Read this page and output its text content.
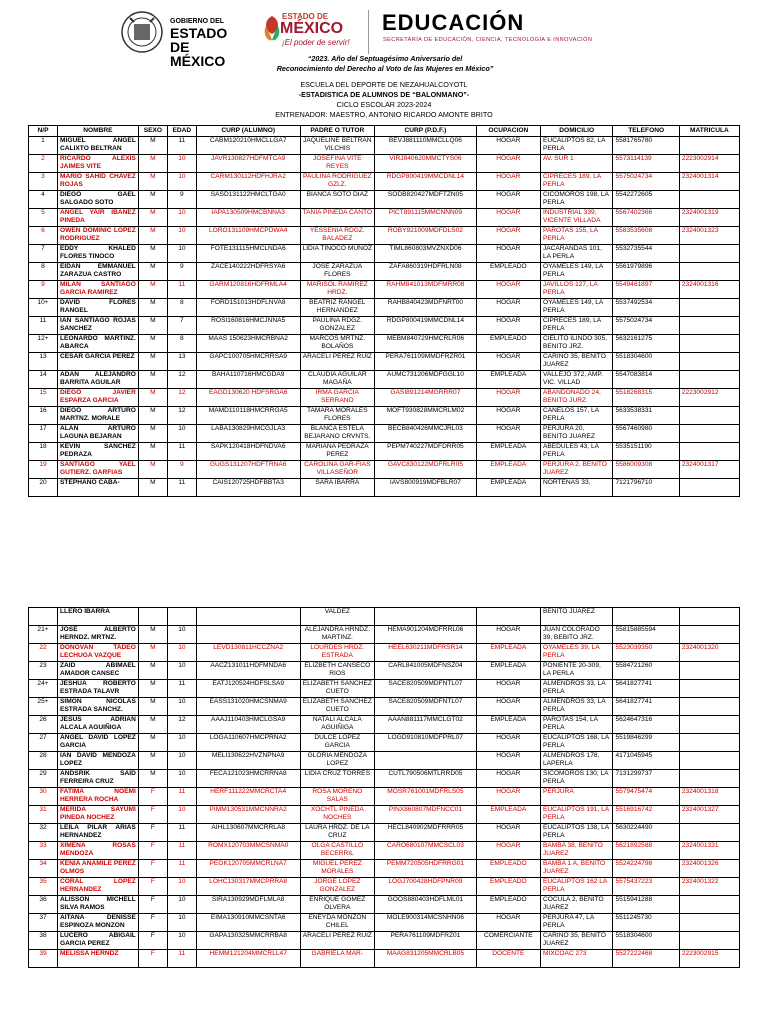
GOBIERNO DEL
ESTADO DE
MÉXICO
ESTADO DE
MÉXICO
¡El poder de servir!
EDUCACIÓN
SECRETARÍA DE EDUCACIÓN, CIENCIA, TECNOLOGÍA E INNOVACIÓN
“2023. Año del Septuagésimo Aniversario del
Reconocimiento del Derecho al Voto de las Mujeres en México”
ESCUELA DEL DEPORTE DE NEZAHUALCOYOTL
-ESTADISTICA DE ALUMNOS DE “BALONMANO”-
CICLO ESCOLAR 2023-2024
ENTRENADOR: MAESTRO, ANTONIO RICARDO AMONTE BRITO
N/P	NOMBRE	SEXO	EDAD	CURP (ALUMNO)	PADRE O TUTOR	CURP (P.D.F.)	OCUPACION	DOMICILIO	TELEFONO	MATRICULA
1	MIGUEL ANGEL CALIXTO BELTRAN	M	11	CABM120210HMCLLGA7	JAQUELINE BELTRAN VILCHIS	BEVJ881110MMCLLQ06	HOGAR	EUCALIPTOS 82, LA PERLA	5581765780	
2	RICARDO ALEXIS JAIMES VITE	M	10	JAVR130827HDFMTCA9	JOSEFINA VITE REYES	VIRJ840620MMCTYS06	HOGAR	AV. SUR 1	5573114139	2223002914
3	MARIO SAHID CHAVEZ ROJAS	M	10	CARM130112HDFHJRA2	PAULINA RODRIGUEZ GZLZ.	RDGP800419MMCDNL14	HOGAR	CIPRECES 189, LA PERLA	5575024734	2324001314
4	DIEGO GAEL SALGADO SOTO	M	9	SASD131122HMCLTGA0	BIANCA SOTO DIAZ	SODB820427MDFTZN05	HOGAR	CICOMOROS 198, LA PERLA	5542272605	
5	ANGEL YAIR IBAÑEZ PINEDA	M	10	IAPA130509HMCBNNA3	TANIA PINEDA CANTO	PICT891115MMCNNN09	HOGAR	INDUSTRIAL 339, VICENTE VILLADA	5567402366	2324001319
6	OWEN DOMINIC LOPEZ RODRIGUEZ	M	10	LORO131109HMCPDWA4	YESSENIA RDGZ. BALADEZ	ROBY921009MDFDLS02	HOGAR	PAROTAS 155, LA PERLA	5583535608	2324001323
7	EDDY KHALED FLORES TINOCO	M	10	FOTE131115HMCLNDA6	LIDIA TINOCO MUÑOZ	TIML860803MVZNXD06	HOGAR	JACARANDAS 101, LA PERLA	5532735544	
8	EIDAN EMMANUEL ZARAZUA CASTRO	M	9	ZACE140222HDFRSYA6	JOSE ZARAZUA FLORES	ZAFA860319HDFRLN08	EMPLEADO	OYAMELES 149, LA PERLA	5561979896	
9	MILAN SANTIAGO GARCIA RAMIREZ	M	11	GARM120816HDFRMLA4	MARISOL RAMIREZ HRDZ.	RAHM841013MDFMRR08	HOGAR	JAVILLOS 127, LA PERLA	5549461897	2324001316
10+	DAVID FLORES RANGEL	M	8	FORD151013HDFLNVA8	BEATRIZ RANGEL HERNANDEZ	RAHB840423MDFNRT00	HOGAR	OYAMELES 149, LA PERLA	5537492534	
11	IAN SANTIAGO ROJAS SANCHEZ	M	7	ROSI160816HMCJNNA5	PAULINA RDGZ. GONZALEZ	RDGP800419MMCDNL14	HOGAR	CIPRECES 189, LA PERLA	5575024734	
12+	LEONARDO MARTINZ. ABARCA	M	8	MAAS 150623HMCRBNA2	MARCOS MRTNZ. BOLAÑOS	MEBM840729HMCRLR06	EMPLEADO	CIELITO ILINDO 305, BENITO JRZ.	5632161275	
13	CESAR GARCIA PEREZ	M	13	GAPC100705HMCRRSA9	ARACELI PEREZ RUIZ	PERA761109MMDFRZR01	HOGAR	CARIÑO 35, BENITO JUAREZ	5518304600	
14	ADAN ALEJANDRO BARRITA AGUILAR	M	12	BAHA110716HMCGDA9	CLAUDIA AGUILAR MAGAÑA	AUMC731206MDFGGL10	EMPLEADA	VALLEJO 372, AMP. VIC. VILLAD	5547083814	
15	DIEGO JAVIER ESPARZA GARCIA	M	12	EAGD130620 HDFSRGA6	IRMA GARCIA SERRANO	GASI891214MGRRR07	HOGAR	ABANDONADO 24, BENITO JURZ.	5518268315	2223002912
16	DIEGO ARTURO MARTNZ. MORALE	M	12	MAMD110118HMCRRGA5	TAMARA MORALES FLORES	MOFT930828MMCRLM02	HOGAR	CANELOS 157, LA PERLA	5633538331	
17	ALAN ARTURO LAGUNA BEJARAN	M	10	LABA130829HMCGJLA3	BLANCA ESTELA BEJARANO CRVNTS.	BECB840426MMCJRL03	HOGAR	PERJURA 20, BENITO JUAREZ	5567460980	
18	KEVIN SANCHEZ PEDRAZA	M	11	SAPK120418HDFNDVA6	MARIANA PEDRAZA PEREZ	PEPM740227MDFDRR05	EMPLEADA	ABEDULES 43, LA PERLA	5535151190	
19	SANTIAGO YAEL GUTIERZ. GARFIAS	M	9	GUGS131207HDFTRNA6	CAROLINA GAR-FIAS VILLASEÑOR	GAVC830122MDFRLR05	EMPLEADA	PERJURA 2, BENITO JUAREZ	5586009308	2324001317
20	STEPHANO CABA-	M	11	CAIS120725HDFBBTA3	SARA IBARRA	IAVS800919MDFBLR07	EMPLEADA	NORTEÑAS 33,	7121796710	
	LLERO IBARRA				VALDEZ			BENITO JUAREZ		
21+	JOSE ALBERTO HERNDZ. MRTNZ.	M	10		ALEJANDRA HRNDZ. MARTINZ.	HEMA901204MDFRRL06	HOGAR	JUAN COLORADO 39, BEBITO JRZ.	55815885594	
22	DONOVAN TADEO LECHUGA VAZQUE	M	10	LEVD130811HCCZNA2	LOURDES HRDZ. ESTRADA	HEEL630211MDFRSR14	EMPLEADA	OYAMELES 39, LA PERLA	5523039350	2324001320
23	ZAID ABIMAEL AMADOR CANSEC	M	10	AACZ131011HDFMNDA6	ELIZBETH CANSECO RIOS	CARL841005MDFNSZ04	EMPLEADA	PONIENTE 20-309, LA PERLA	5584721260	
24+	JESHUA ROBERTO ESTRADA TALAVR	M	11	EATJ120524HDFSLSA9	ELIZABETH SANCHEZ CUETO	SACE820509MDFNTL07	HOGAR	ALMENDROS 33, LA PERLA	5641827741	
25+	SIMON NICOLAS ESTRADA SANCHZ.	M	10	EASS131020HMCSNMA9	ELIZABETH SANCHEZ CUETO	SACE820509MDFNTL07	HOGAR	ALMENDROS 33, LA PERLA	5641827741	
26	JESUS ADRIAN ALCALA AGUIÑIGA	M	12	AAAJ110403HMCLGSA9	NATALI ALCALA AGUIÑIGA	AAAN881117MMCLGT02	EMPLEADA	PAROTAS 154, LA PERLA	5624647316	
27	ANGEL DAVID LOPEZ GARCIA	M	10	LOGA110607HMCPRNA2	DULCE LOPEZ GARCIA	LOGD910810MDFPRL07	HOGAR	EUCALIPTOS 168, LA PERLA	5519846299	
28	IAN DAVID MENDOZA LOPEZ	M	10	MELI130622HVZNPNA9	GLORIA MENDOZA LOPEZ		HOGAR	ALMENDROS 178, LAPERLA	4171045945	
29	ANDSRIK SAID FERREIRA CRUZ	M	10	FECA121023HMCRRNA8	LIDIA CRUZ TORRES	CUTL790506MTLRRD05	HOGAR	SICOMOROS 130, LA PERLA	7131299737	
30	FATIMA NOEMI HERRERA ROCHA	F	11	HERF111222MMCRCTA4	ROSA MORENO SALAS	MOSR761001MDFRLS05	HOGAR	PERJURA	5579475474	2324001318
31	MERIDA SAYUMI PINEDA NOCHEZ	F	10	PIMM130531MMCNNRA2	XOCHTL PINEDA NOCHES	PINX860807MDFNCC01	EMPLEADA	EUCALIPTOS 191, LA PERLA	5516916742	2324001327
32	LEILA PILAR ARIAS HERNANDEZ	F	11	AIHL130607MMCRRLA8	LAURA HRDZ. DE LA CRUZ	HECL840902MDFRRR05	HOGAR	EUCALIPTOS 138, LA PERLA	5630224490	
33	XIMENA ROSAS MENDOZA	F	11	ROMX120703MMCSNMA0	OLGA CASTILLO BECERRIL	CARO680107MMCSCL03	HOGAR	BAMBA 38, BENITO JUAREZ	5621892588	2324001331
34	KENIA ANAMILE PEREZ OLMOS	F	11	PEOK120705MMCRLNA7	MIGUEL PEREZ MORALES	PEMM720505HDFRRG01	EMPLEADO	BAMBA 1 A, BENITO JUAREZ	5524224798	2324001326
35	CORAL LOPEZ HERNANDEZ	F	10	LOHC130317MMCPRRA8	JORGE LOPEZ GONZALEZ	LOGJ700428HDFPNR09	EMPLEADO	EUCALIPTOS 162 LA PERLA	5575437223	2324001322
36	ALISSON MICHELL SILVA RAMOS	F	10	SIRA130929MDFLMLA8	ENRIQUE GOMEZ OLVERA	GOOS880403HDFLML01	EMPLEADO	COCULA 2, BENITO JUAREZ	5515941288	
37	AITANA DENISSE ESPINOZA MONZON	F	10	EIMA130910MMCSNTA6	ENEYDA MONZON CHILEL	MOLE900314MCSNHN06	HOGAR	PERJURA 47, LA PERLA	5511245730	
38	LUCERO ABIGAIL GARCIA PEREZ	F	10	GAPA130325MMCRRBA8	ARACELI PEREZ RUIZ	PERA761109MDFRZ01	COMERCIANTE	CARIÑO 35, BENITO JUAREZ	5518304600	
39	MELISSA HERNDZ	F	11	HEMM121204MMCRLL47	GABRIELA MAR-	MAAG831205MMCRLB05	DOCENTE	MIXCOAC 273	5527222468	2223002915
